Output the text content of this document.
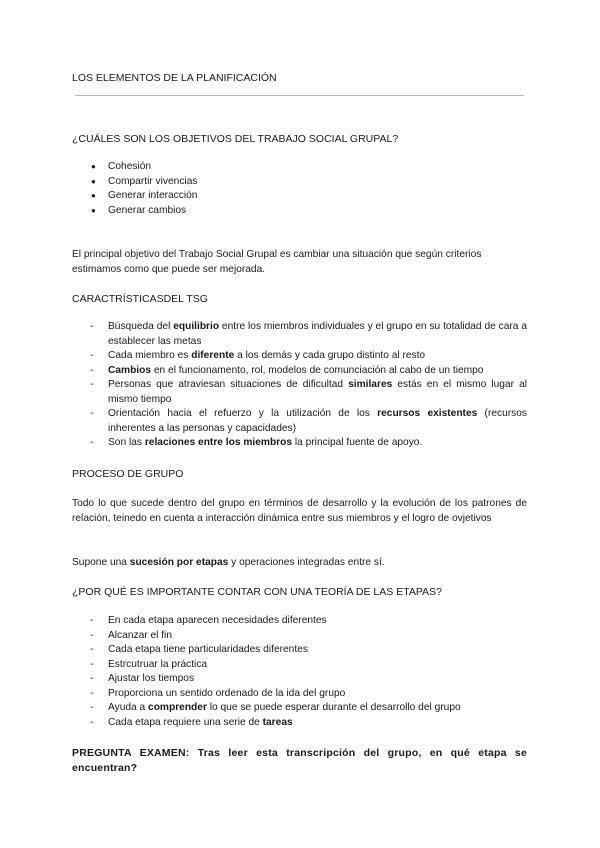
LOS ELEMENTOS DE LA PLANIFICACIÓN
¿CUÁLES SON LOS OBJETIVOS DEL TRABAJO SOCIAL GRUPAL?
● Cohesión
● Compartir vivencias
● Generar interacción
● Generar cambios
El principal objetivo del Trabajo Social Grupal es cambiar una situación que según criterios estimamos como que puede ser mejorada.
CARACTRÍSTICASDEL TSG
- Búsqueda del equilibrio entre los miembros individuales y el grupo en su totalidad de cara a establecer las metas
- Cada miembro es diferente a los demás y cada grupo distinto al resto
- Cambios en el funcionamento, rol, modelos de comunciación al cabo de un tiempo
- Personas que atraviesan situaciones de dificultad similares estás en el mismo lugar al mismo tiempo
- Orientación hacia el refuerzo y la utilización de los recursos existentes (recursos inherentes a las personas y capacidades)
- Son las relaciones entre los miembros la principal fuente de apoyo.
PROCESO DE GRUPO
Todo lo que sucede dentro del grupo en términos de desarrollo y la evolución de los patrones de relación, teinedo en cuenta a interacción dinámica entre sus miembros y el logro de ovjetivos
Supone una sucesión por etapas y operaciones integradas entre sí.
¿POR QUÉ ES IMPORTANTE CONTAR CON UNA TEORÍA DE LAS ETAPAS?
- En cada etapa aparecen necesidades diferentes
- Alcanzar el fin
- Cada etapa tiene particularidades diferentes
- Estrcutruar la práctica
- Ajustar los tiempos
- Proporciona un sentido ordenado de la ida del grupo
- Ayuda a comprender lo que se puede esperar durante el desarrollo del grupo
- Cada etapa requiere una serie de tareas
PREGUNTA EXAMEN: Tras leer esta transcripción del grupo, en qué etapa se encuentran?
